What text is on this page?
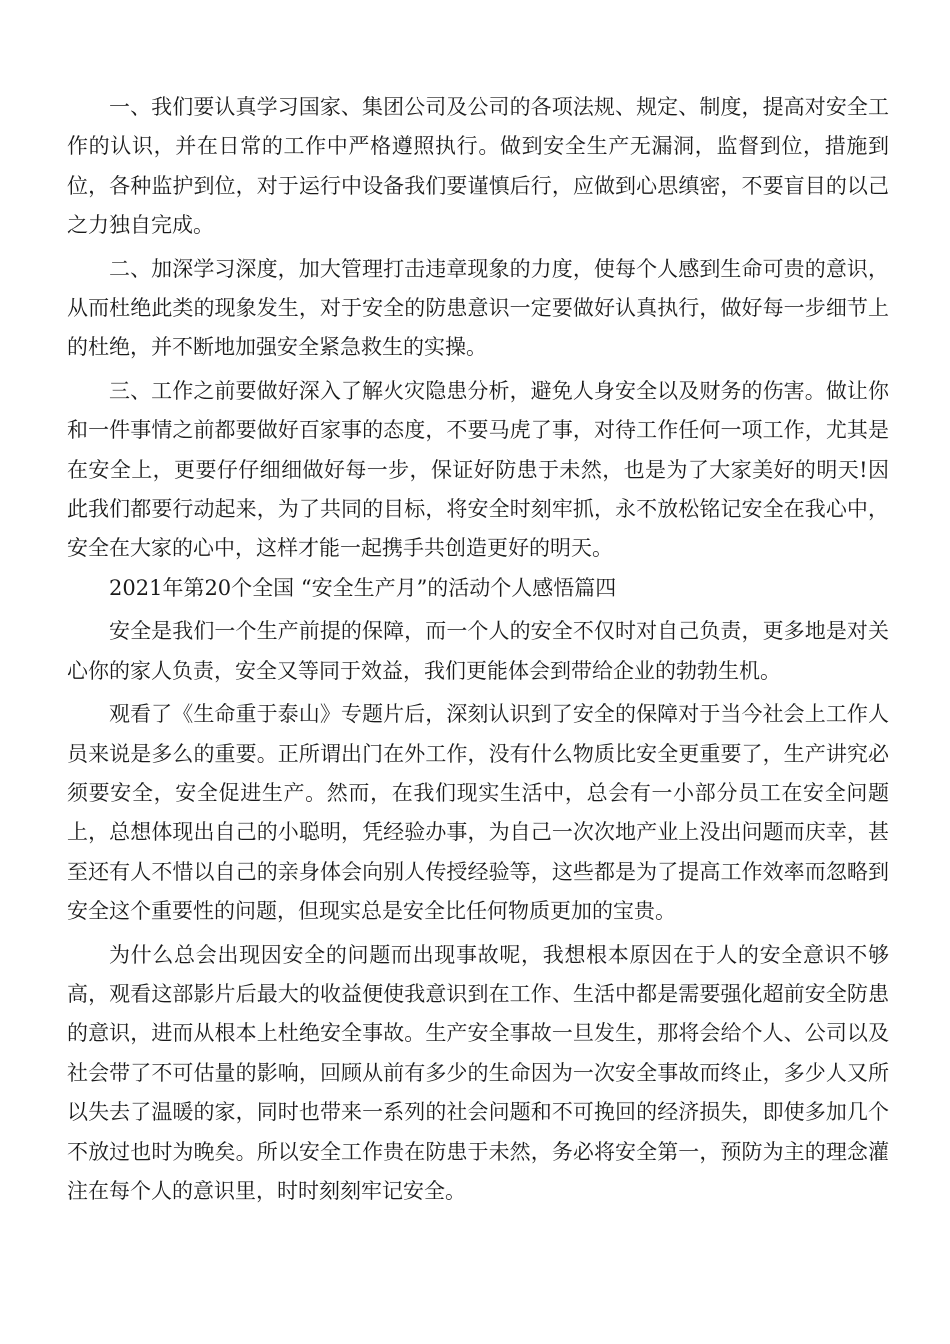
一、我们要认真学习国家、集团公司及公司的各项法规、规定、制度，提高对安全工作的认识，并在日常的工作中严格遵照执行。做到安全生产无漏洞，监督到位，措施到位，各种监护到位，对于运行中设备我们要谨慎后行，应做到心思缜密，不要盲目的以己之力独自完成。

二、加深学习深度，加大管理打击违章现象的力度，使每个人感到生命可贵的意识，从而杜绝此类的现象发生，对于安全的防患意识一定要做好认真执行，做好每一步细节上的杜绝，并不断地加强安全紧急救生的实操。

三、工作之前要做好深入了解火灾隐患分析，避免人身安全以及财务的伤害。做让你和一件事情之前都要做好百家事的态度，不要马虎了事，对待工作任何一项工作，尤其是在安全上，更要仔仔细细做好每一步，保证好防患于未然，也是为了大家美好的明天!因此我们都要行动起来，为了共同的目标，将安全时刻牢抓，永不放松铭记安全在我心中，安全在大家的心中，这样才能一起携手共创造更好的明天。

2021年第20个全国 “安全生产月”的活动个人感悟篇四

安全是我们一个生产前提的保障，而一个人的安全不仅时对自己负责，更多地是对关心你的家人负责，安全又等同于效益，我们更能体会到带给企业的勃勃生机。

观看了《生命重于泰山》专题片后，深刻认识到了安全的保障对于当今社会上工作人员来说是多么的重要。正所谓出门在外工作，没有什么物质比安全更重要了，生产讲究必须要安全，安全促进生产。然而，在我们现实生活中，总会有一小部分员工在安全问题上，总想体现出自己的小聪明，凭经验办事，为自己一次次地产业上没出问题而庆幸，甚至还有人不惜以自己的亲身体会向别人传授经验等，这些都是为了提高工作效率而忽略到安全这个重要性的问题，但现实总是安全比任何物质更加的宝贵。

为什么总会出现因安全的问题而出现事故呢，我想根本原因在于人的安全意识不够高，观看这部影片后最大的收益便使我意识到在工作、生活中都是需要强化超前安全防患的意识，进而从根本上杜绝安全事故。生产安全事故一旦发生，那将会给个人、公司以及社会带了不可估量的影响，回顾从前有多少的生命因为一次安全事故而终止，多少人又所以失去了温暖的家，同时也带来一系列的社会问题和不可挽回的经济损失，即使多加几个不放过也时为晚矣。所以安全工作贵在防患于未然，务必将安全第一，预防为主的理念灌注在每个人的意识里，时时刻刻牢记安全。
